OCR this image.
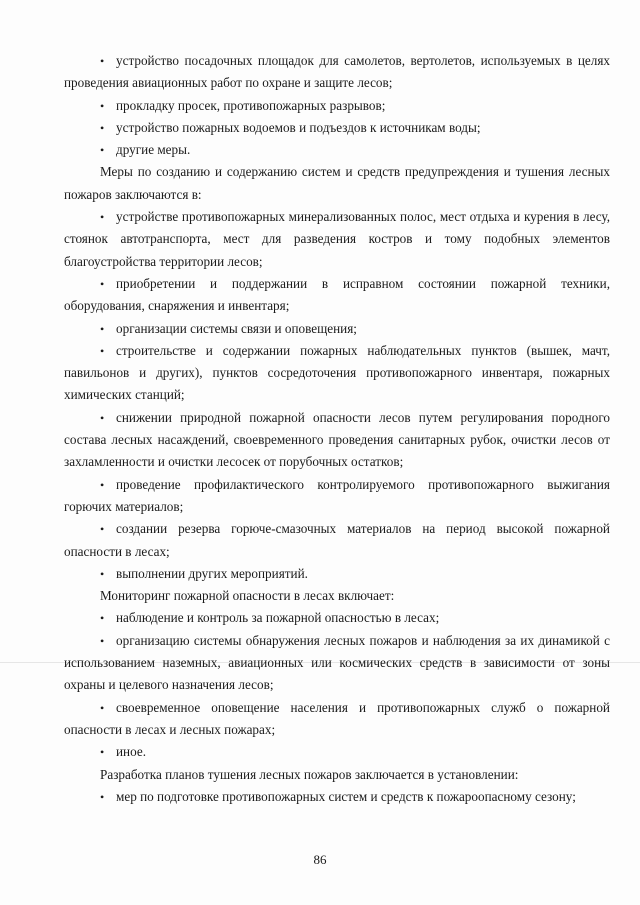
• устройство посадочных площадок для самолетов, вертолетов, используемых в целях проведения авиационных работ по охране и защите лесов;

• прокладку просек, противопожарных разрывов;

• устройство пожарных водоемов и подъездов к источникам воды;

• другие меры.

Меры по созданию и содержанию систем и средств предупреждения и тушения лесных пожаров заключаются в:

• устройстве противопожарных минерализованных полос, мест отдыха и курения в лесу, стоянок автотранспорта, мест для разведения костров и тому подобных элементов благоустройства территории лесов;

• приобретении и поддержании в исправном состоянии пожарной техники, оборудования, снаряжения и инвентаря;

• организации системы связи и оповещения;

• строительстве и содержании пожарных наблюдательных пунктов (вышек, мачт, павильонов и других), пунктов сосредоточения противопожарного инвентаря, пожарных химических станций;

• снижении природной пожарной опасности лесов путем регулирования породного состава лесных насаждений, своевременного проведения санитарных рубок, очистки лесов от захламленности и очистки лесосек от порубочных остатков;

• проведение профилактического контролируемого противопожарного выжигания горючих материалов;

• создании резерва горюче-смазочных материалов на период высокой пожарной опасности в лесах;

• выполнении других мероприятий.

Мониторинг пожарной опасности в лесах включает:

• наблюдение и контроль за пожарной опасностью в лесах;

• организацию системы обнаружения лесных пожаров и наблюдения за их динамикой с использованием наземных, авиационных или космических средств в зависимости от зоны охраны и целевого назначения лесов;

• своевременное оповещение населения и противопожарных служб о пожарной опасности в лесах и лесных пожарах;

• иное.

Разработка планов тушения лесных пожаров заключается в установлении:

• мер по подготовке противопожарных систем и средств к пожароопасному сезону;

86
